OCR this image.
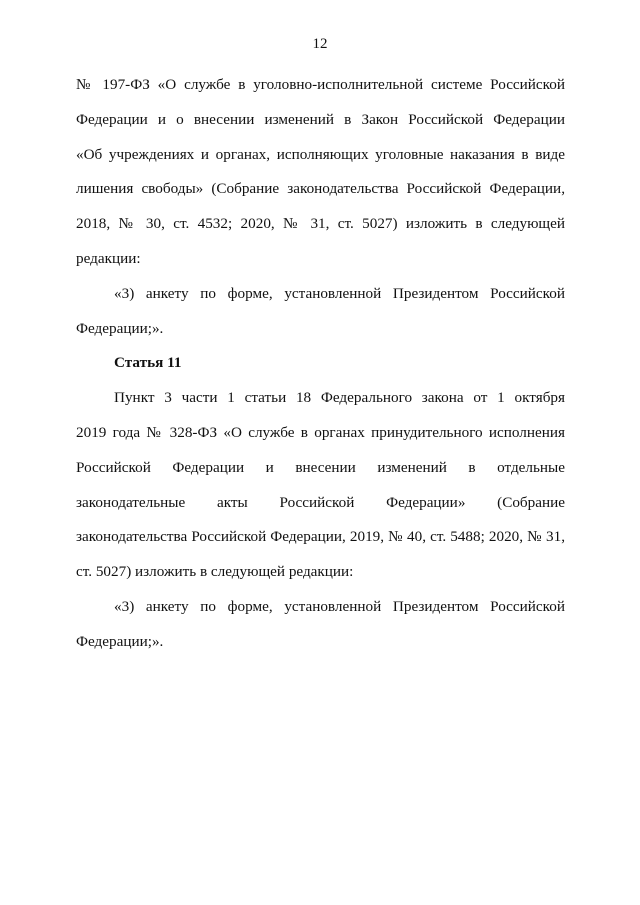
12
№ 197-ФЗ «О службе в уголовно-исполнительной системе Российской
Федерации и о внесении изменений в Закон Российской Федерации
«Об учреждениях и органах, исполняющих уголовные наказания в виде
лишения свободы» (Собрание законодательства Российской Федерации,
2018, № 30, ст. 4532; 2020, № 31, ст. 5027) изложить в следующей
редакции:
«3) анкету по форме, установленной Президентом Российской
Федерации;».
Статья 11
Пункт 3 части 1 статьи 18 Федерального закона от 1 октября
2019 года № 328-ФЗ «О службе в органах принудительного исполнения
Российской Федерации и внесении изменений в отдельные
законодательные акты Российской Федерации» (Собрание
законодательства Российской Федерации, 2019, № 40, ст. 5488; 2020, № 31,
ст. 5027) изложить в следующей редакции:
«3) анкету по форме, установленной Президентом Российской
Федерации;».
